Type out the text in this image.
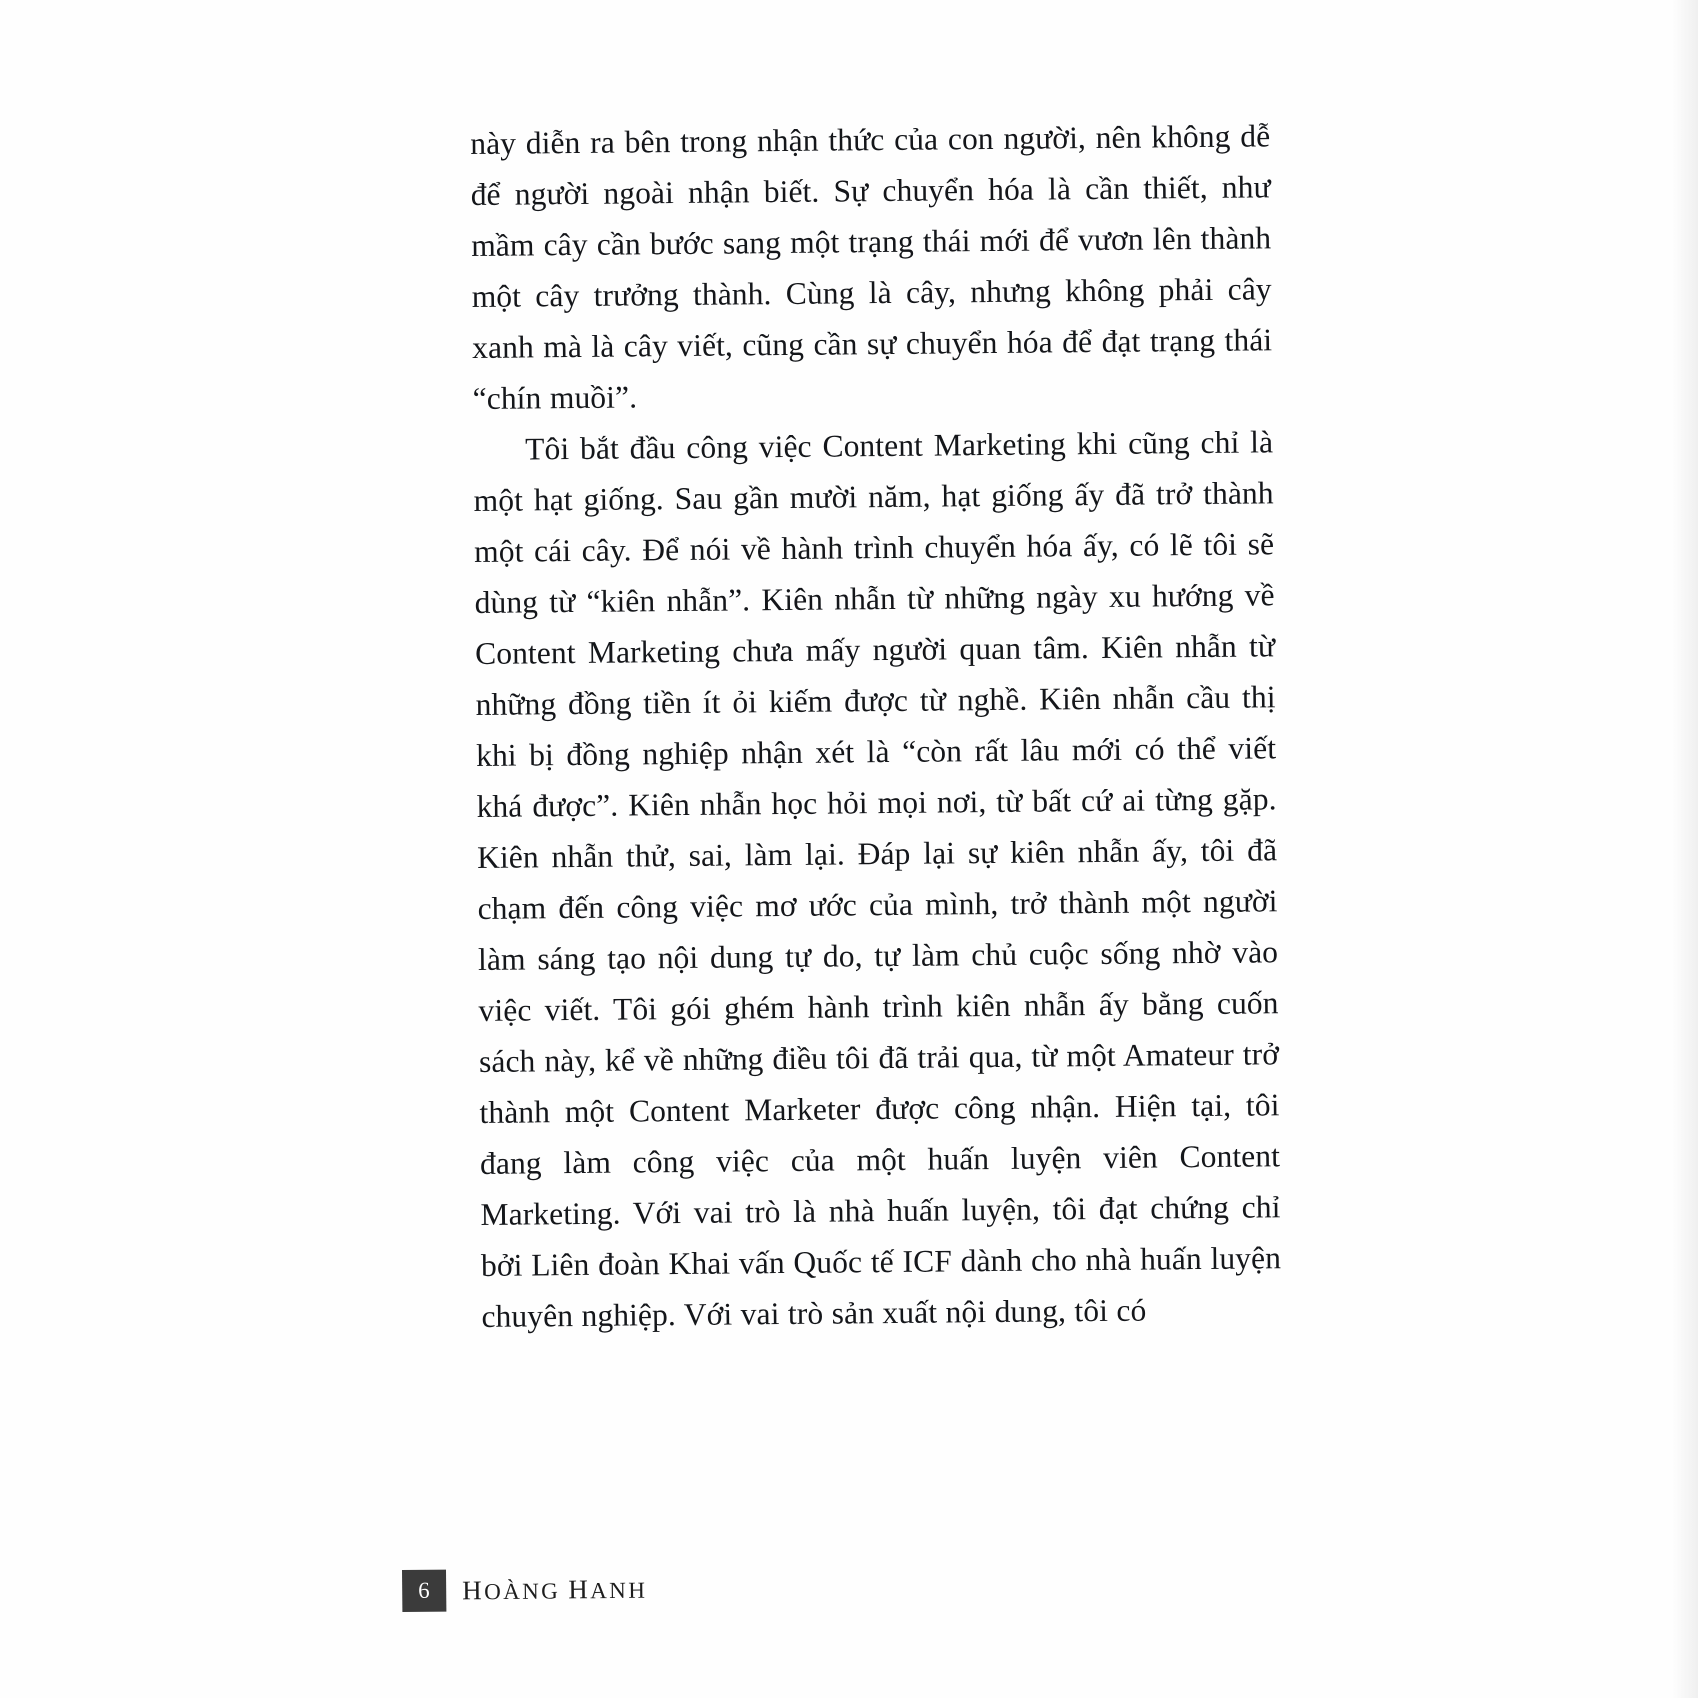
này diễn ra bên trong nhận thức của con người, nên không dễ để người ngoài nhận biết. Sự chuyển hóa là cần thiết, như mầm cây cần bước sang một trạng thái mới để vươn lên thành một cây trưởng thành. Cùng là cây, nhưng không phải cây xanh mà là cây viết, cũng cần sự chuyển hóa để đạt trạng thái “chín muồi”.

Tôi bắt đầu công việc Content Marketing khi cũng chỉ là một hạt giống. Sau gần mười năm, hạt giống ấy đã trở thành một cái cây. Để nói về hành trình chuyển hóa ấy, có lẽ tôi sẽ dùng từ “kiên nhẫn”. Kiên nhẫn từ những ngày xu hướng về Content Marketing chưa mấy người quan tâm. Kiên nhẫn từ những đồng tiền ít ỏi kiếm được từ nghề. Kiên nhẫn cầu thị khi bị đồng nghiệp nhận xét là “còn rất lâu mới có thể viết khá được”. Kiên nhẫn học hỏi mọi nơi, từ bất cứ ai từng gặp. Kiên nhẫn thử, sai, làm lại. Đáp lại sự kiên nhẫn ấy, tôi đã chạm đến công việc mơ ước của mình, trở thành một người làm sáng tạo nội dung tự do, tự làm chủ cuộc sống nhờ vào việc viết. Tôi gói ghém hành trình kiên nhẫn ấy bằng cuốn sách này, kể về những điều tôi đã trải qua, từ một Amateur trở thành một Content Marketer được công nhận. Hiện tại, tôi đang làm công việc của một huấn luyện viên Content Marketing. Với vai trò là nhà huấn luyện, tôi đạt chứng chỉ bởi Liên đoàn Khai vấn Quốc tế ICF dành cho nhà huấn luyện chuyên nghiệp. Với vai trò sản xuất nội dung, tôi có

6	HOÀNG HANH
